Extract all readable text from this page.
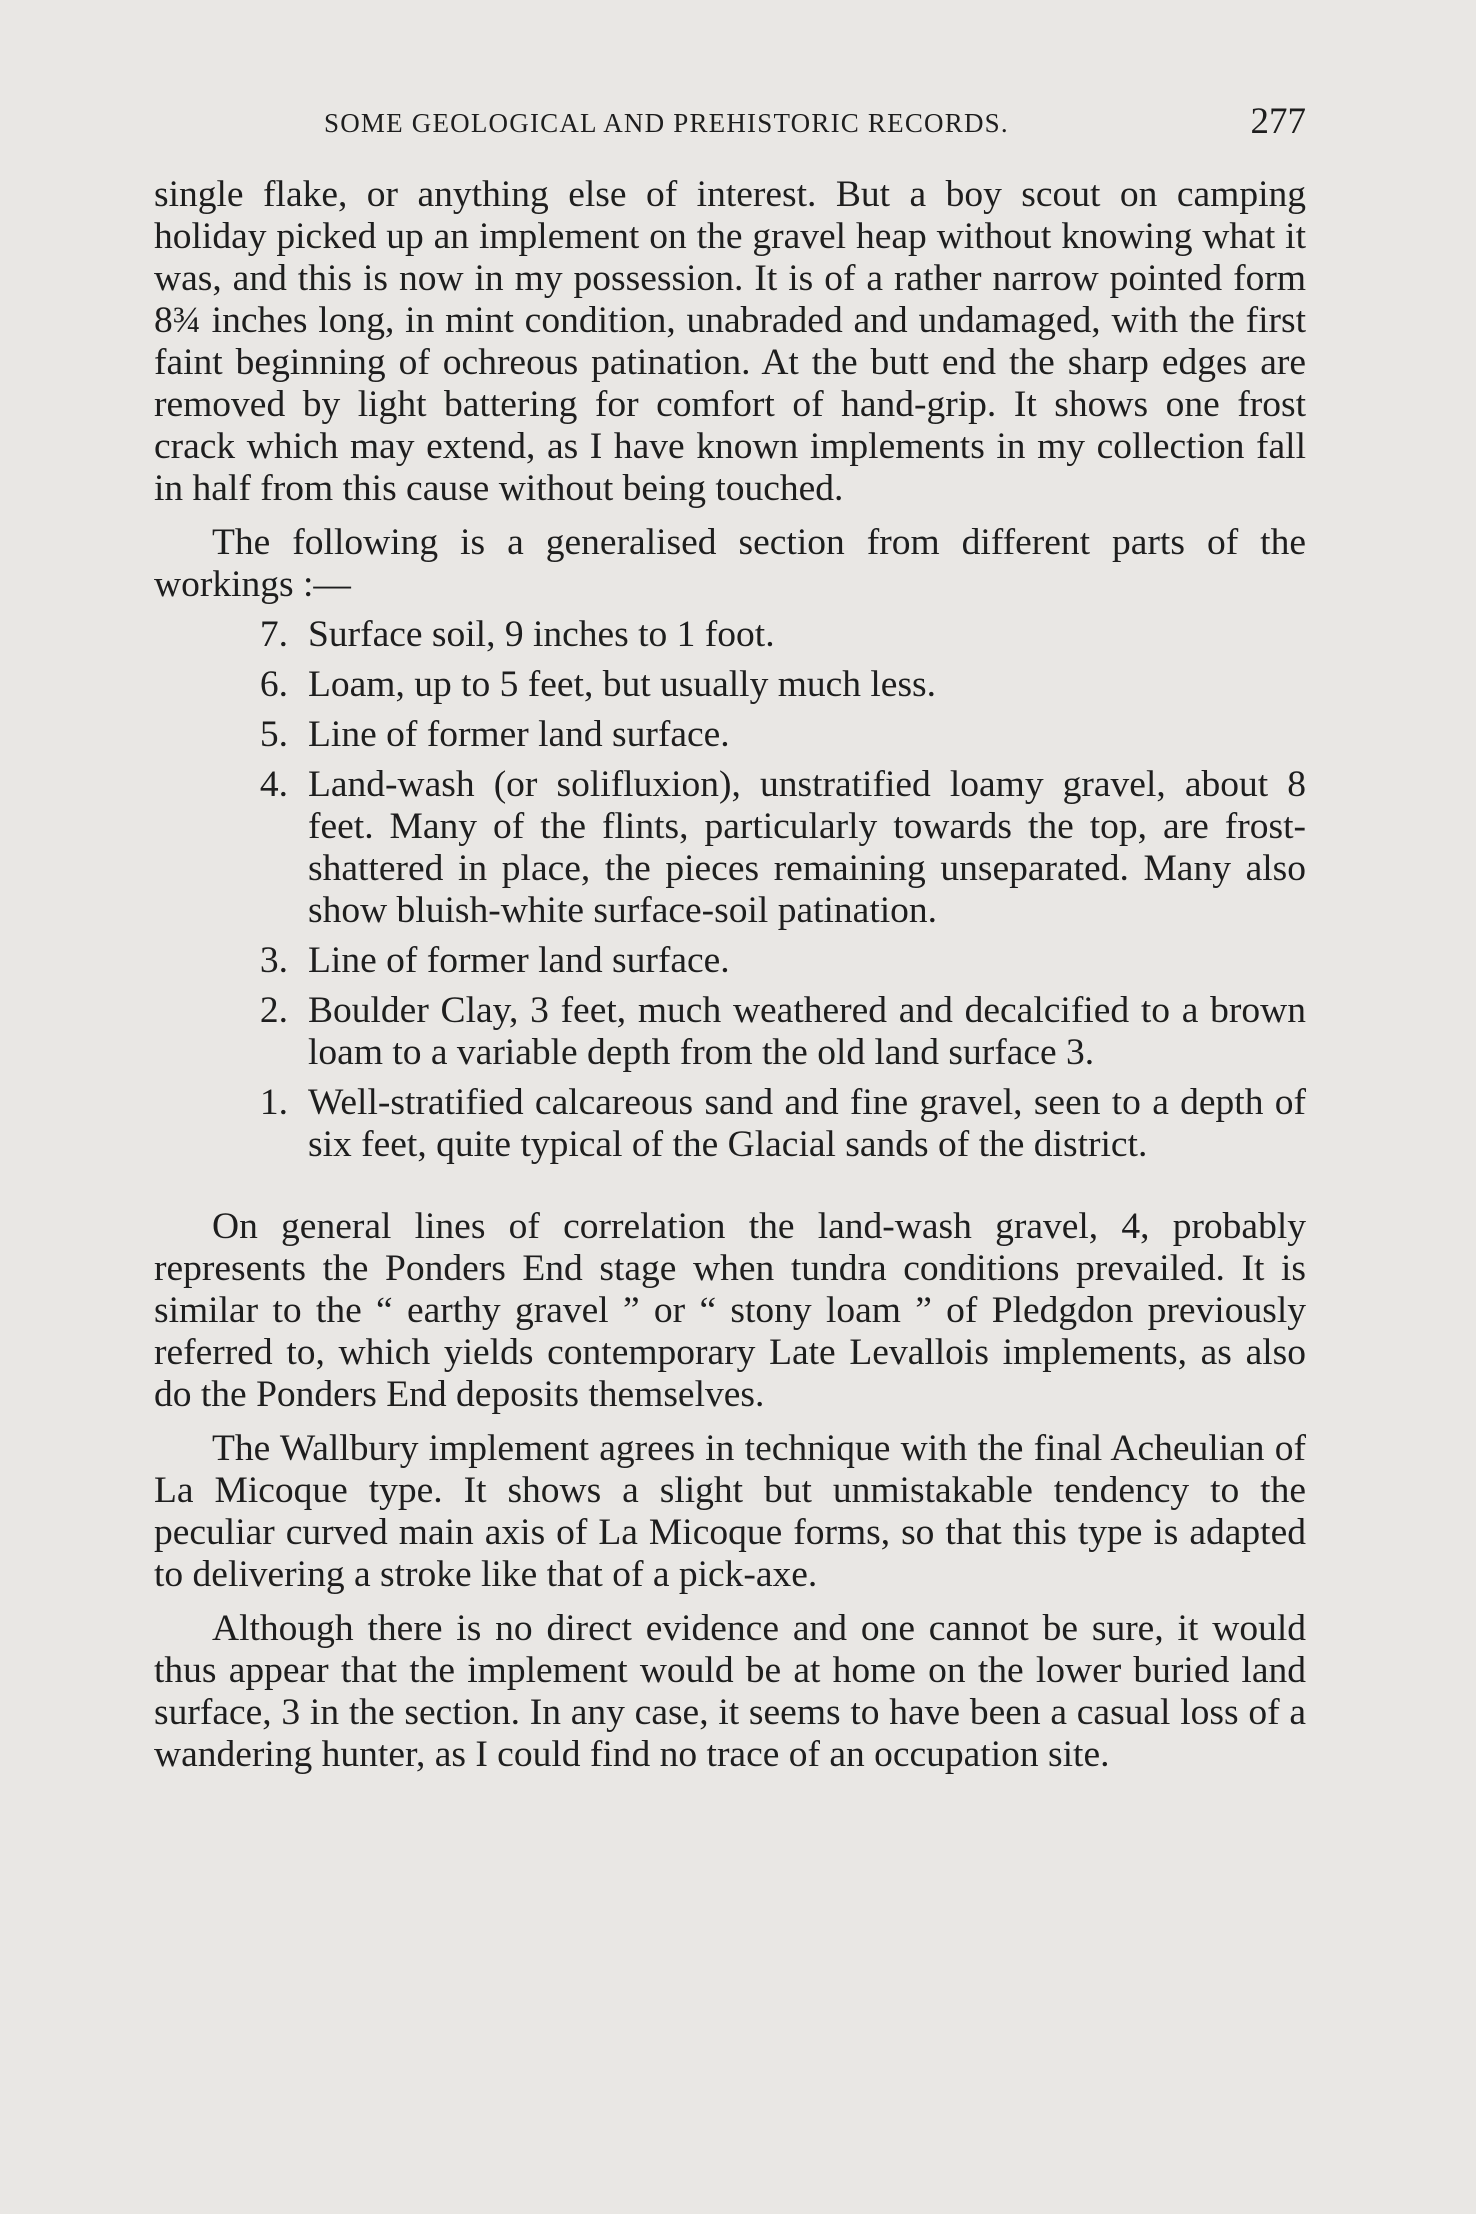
SOME GEOLOGICAL AND PREHISTORIC RECORDS.	277

single flake, or anything else of interest. But a boy scout on camping holiday picked up an implement on the gravel heap without knowing what it was, and this is now in my possession. It is of a rather narrow pointed form 8¾ inches long, in mint condition, unabraded and undamaged, with the first faint beginning of ochreous patination. At the butt end the sharp edges are removed by light battering for comfort of hand-grip. It shows one frost crack which may extend, as I have known implements in my collection fall in half from this cause without being touched.

The following is a generalised section from different parts of the workings :—

7. Surface soil, 9 inches to 1 foot.
6. Loam, up to 5 feet, but usually much less.
5. Line of former land surface.
4. Land-wash (or solifluxion), unstratified loamy gravel, about 8 feet. Many of the flints, particularly towards the top, are frost-shattered in place, the pieces remaining unseparated. Many also show bluish-white surface-soil patination.
3. Line of former land surface.
2. Boulder Clay, 3 feet, much weathered and decalcified to a brown loam to a variable depth from the old land surface 3.
1. Well-stratified calcareous sand and fine gravel, seen to a depth of six feet, quite typical of the Glacial sands of the district.

On general lines of correlation the land-wash gravel, 4, probably represents the Ponders End stage when tundra conditions prevailed. It is similar to the “ earthy gravel ” or “ stony loam ” of Pledgdon previously referred to, which yields contemporary Late Levallois implements, as also do the Ponders End deposits themselves.

The Wallbury implement agrees in technique with the final Acheulian of La Micoque type. It shows a slight but unmistakable tendency to the peculiar curved main axis of La Micoque forms, so that this type is adapted to delivering a stroke like that of a pick-axe.

Although there is no direct evidence and one cannot be sure, it would thus appear that the implement would be at home on the lower buried land surface, 3 in the section. In any case, it seems to have been a casual loss of a wandering hunter, as I could find no trace of an occupation site.
